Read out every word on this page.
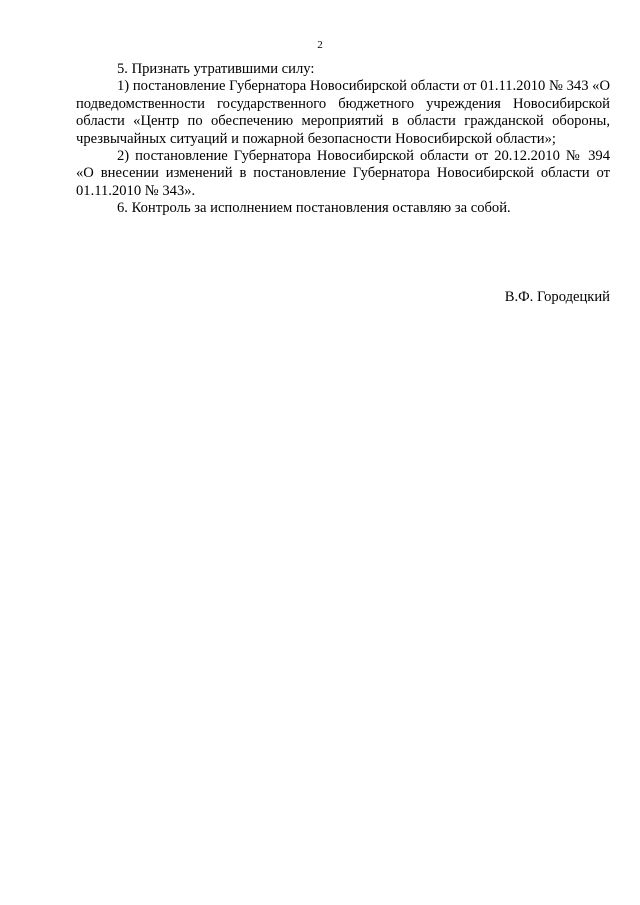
2

5. Признать утратившими силу:

1) постановление Губернатора Новосибирской области от 01.11.2010 № 343 «О подведомственности государственного бюджетного учреждения Новосибирской области «Центр по обеспечению мероприятий в области гражданской обороны, чрезвычайных ситуаций и пожарной безопасности Новосибирской области»;

2) постановление Губернатора Новосибирской области от 20.12.2010 № 394 «О внесении изменений в постановление Губернатора Новосибирской области от 01.11.2010 № 343».

6. Контроль за исполнением постановления оставляю за собой.

В.Ф. Городецкий
